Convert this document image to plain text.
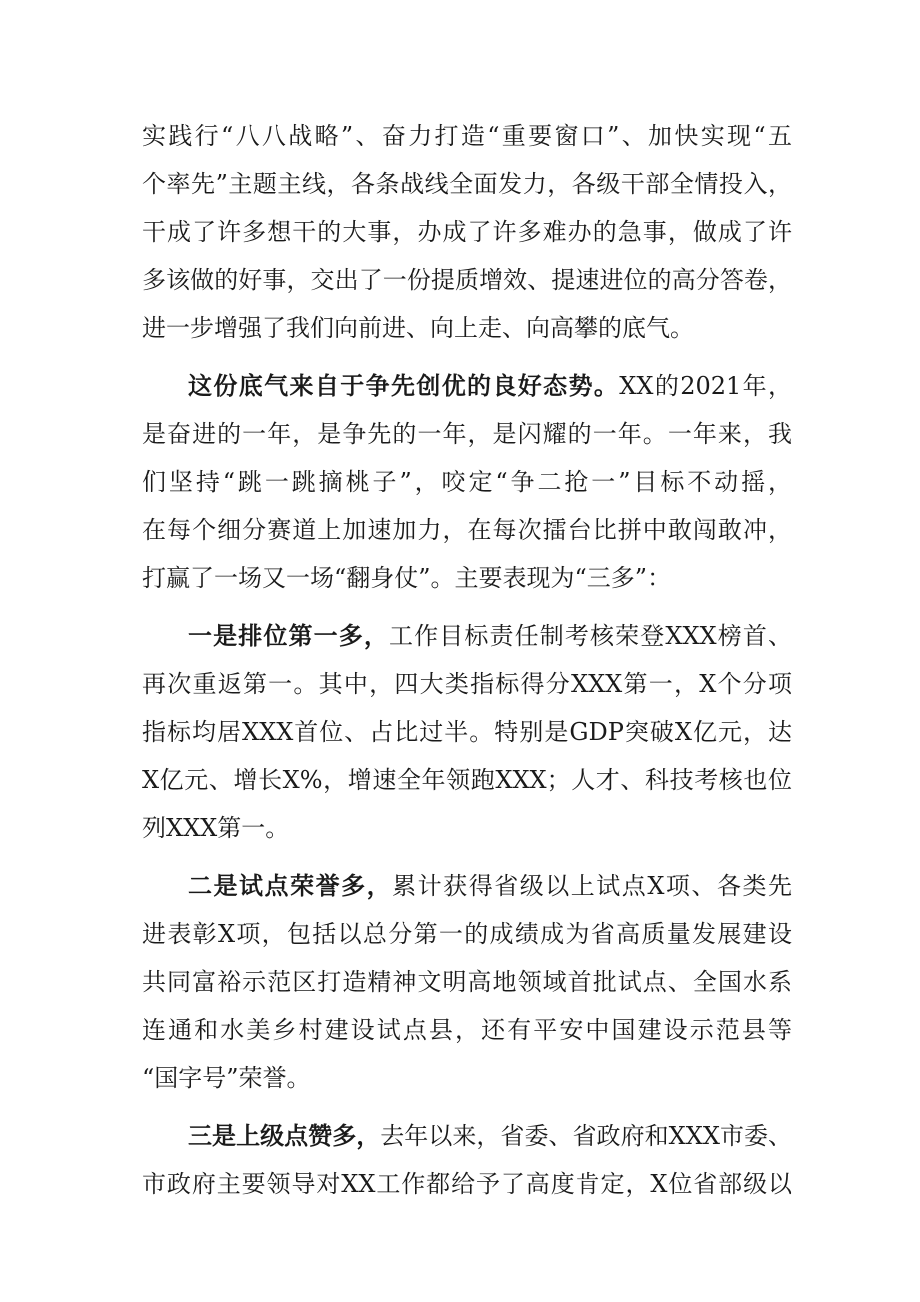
实践行“八八战略”、奋力打造“重要窗口”、加快实现“五
个率先”主题主线，各条战线全面发力，各级干部全情投入，
干成了许多想干的大事，办成了许多难办的急事，做成了许
多该做的好事，交出了一份提质增效、提速进位的高分答卷，
进一步增强了我们向前进、向上走、向高攀的底气。
这份底气来自于争先创优的良好态势。XX的2021年，
是奋进的一年，是争先的一年，是闪耀的一年。一年来，我
们坚持“跳一跳摘桃子”，咬定“争二抢一”目标不动摇，
在每个细分赛道上加速加力，在每次擂台比拼中敢闯敢冲，
打赢了一场又一场“翻身仗”。主要表现为“三多”：
一是排位第一多，工作目标责任制考核荣登XXX榜首、
再次重返第一。其中，四大类指标得分XXX第一，X个分项
指标均居XXX首位、占比过半。特别是GDP突破X亿元，达
X亿元、增长X%，增速全年领跑XXX；人才、科技考核也位
列XXX第一。
二是试点荣誉多，累计获得省级以上试点X项、各类先
进表彰X项，包括以总分第一的成绩成为省高质量发展建设
共同富裕示范区打造精神文明高地领域首批试点、全国水系
连通和水美乡村建设试点县，还有平安中国建设示范县等
“国字号”荣誉。
三是上级点赞多，去年以来，省委、省政府和XXX市委、
市政府主要领导对XX工作都给予了高度肯定，X位省部级以
